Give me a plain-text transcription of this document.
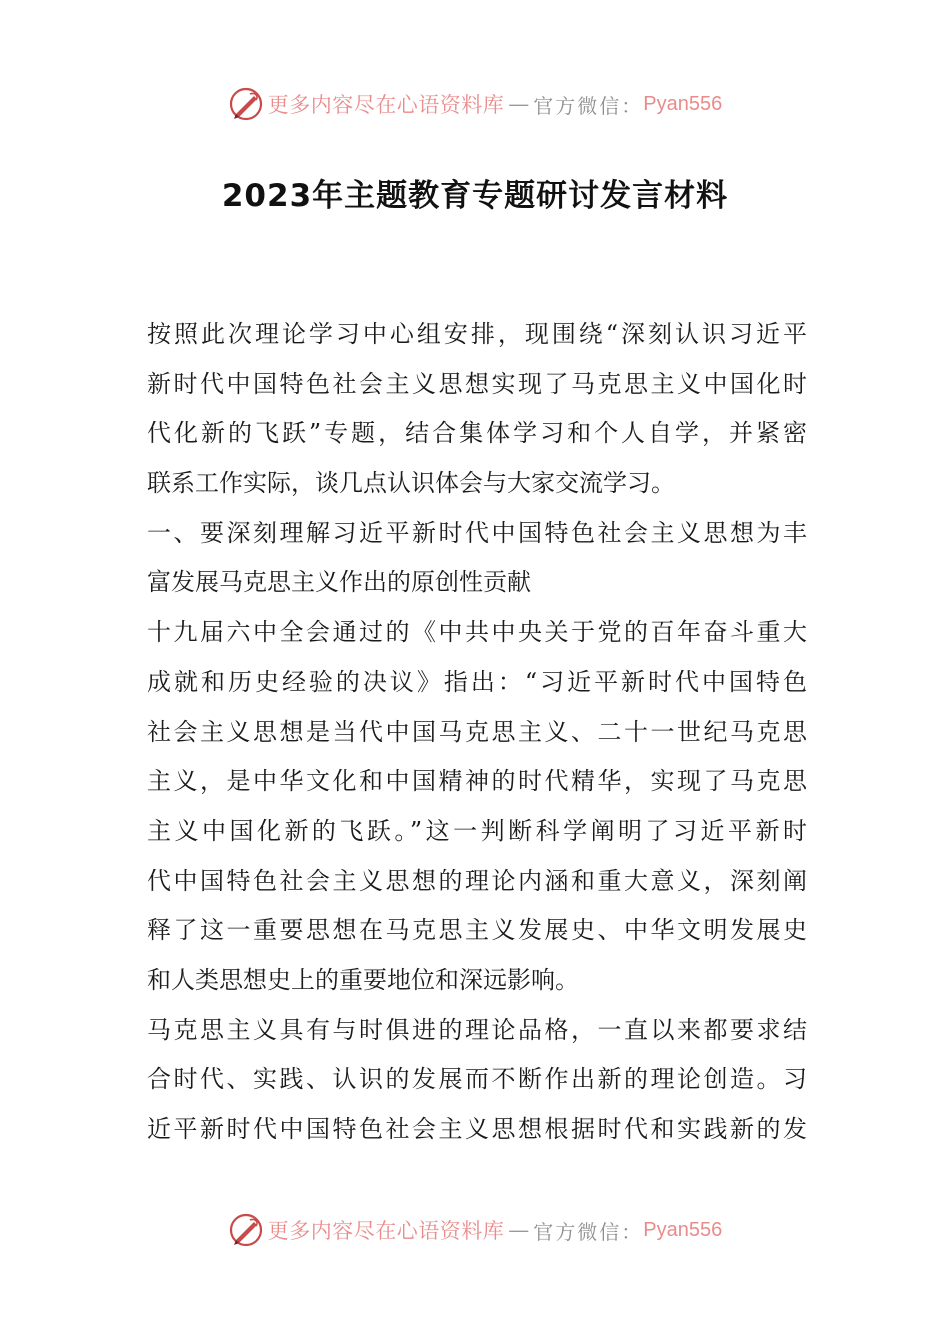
更多内容尽在心语资料库 — 官方微信： Pyan556
2023年主题教育专题研讨发言材料
按照此次理论学习中心组安排，现围绕“深刻认识习近平
新时代中国特色社会主义思想实现了马克思主义中国化时
代化新的飞跃”专题，结合集体学习和个人自学，并紧密
联系工作实际，谈几点认识体会与大家交流学习。
一、要深刻理解习近平新时代中国特色社会主义思想为丰
富发展马克思主义作出的原创性贡献
十九届六中全会通过的《中共中央关于党的百年奋斗重大
成就和历史经验的决议》指出：“习近平新时代中国特色
社会主义思想是当代中国马克思主义、二十一世纪马克思
主义，是中华文化和中国精神的时代精华，实现了马克思
主义中国化新的飞跃。”这一判断科学阐明了习近平新时
代中国特色社会主义思想的理论内涵和重大意义，深刻阐
释了这一重要思想在马克思主义发展史、中华文明发展史
和人类思想史上的重要地位和深远影响。
马克思主义具有与时俱进的理论品格，一直以来都要求结
合时代、实践、认识的发展而不断作出新的理论创造。习
近平新时代中国特色社会主义思想根据时代和实践新的发
更多内容尽在心语资料库 — 官方微信： Pyan556
